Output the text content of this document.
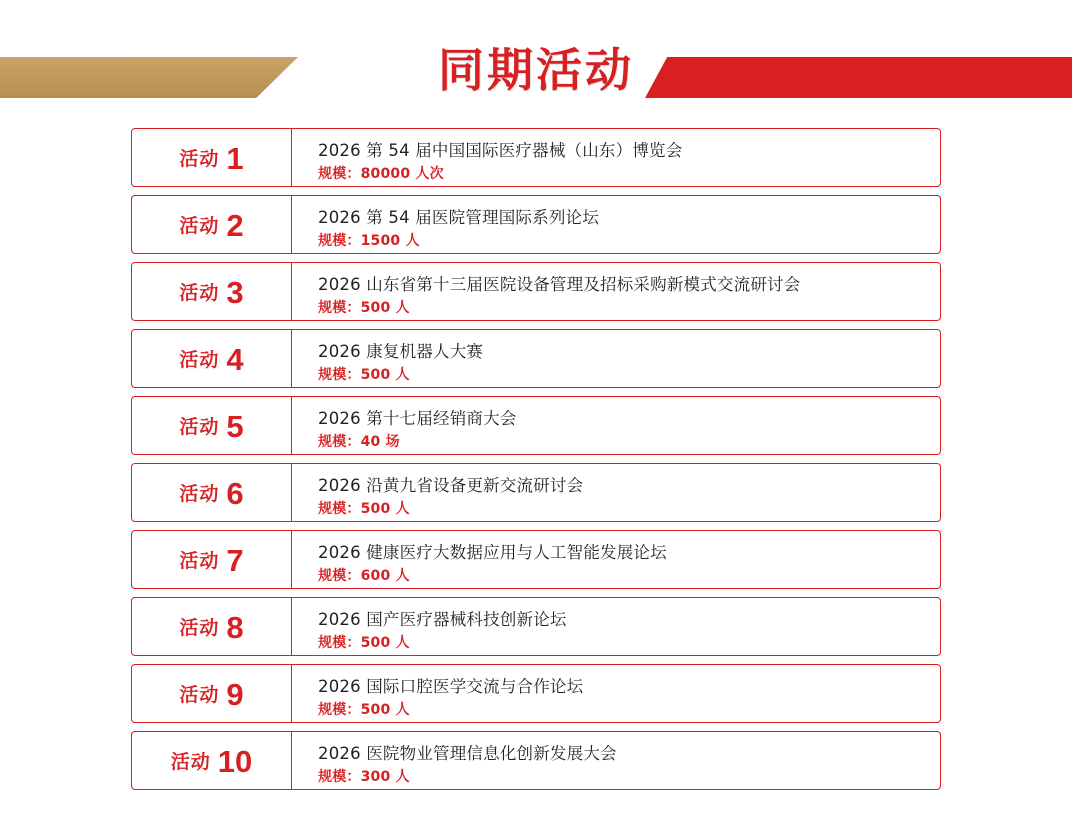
同期活动
活动 1	2026 第 54 届中国国际医疗器械（山东）博览会
规模：80000 人次
活动 2	2026 第 54 届医院管理国际系列论坛
规模：1500 人
活动 3	2026 山东省第十三届医院设备管理及招标采购新模式交流研讨会
规模：500 人
活动 4	2026 康复机器人大赛
规模：500 人
活动 5	2026 第十七届经销商大会
规模：40 场
活动 6	2026 沿黄九省设备更新交流研讨会
规模：500 人
活动 7	2026 健康医疗大数据应用与人工智能发展论坛
规模：600 人
活动 8	2026 国产医疗器械科技创新论坛
规模：500 人
活动 9	2026 国际口腔医学交流与合作论坛
规模：500 人
活动 10	2026 医院物业管理信息化创新发展大会
规模：300 人
